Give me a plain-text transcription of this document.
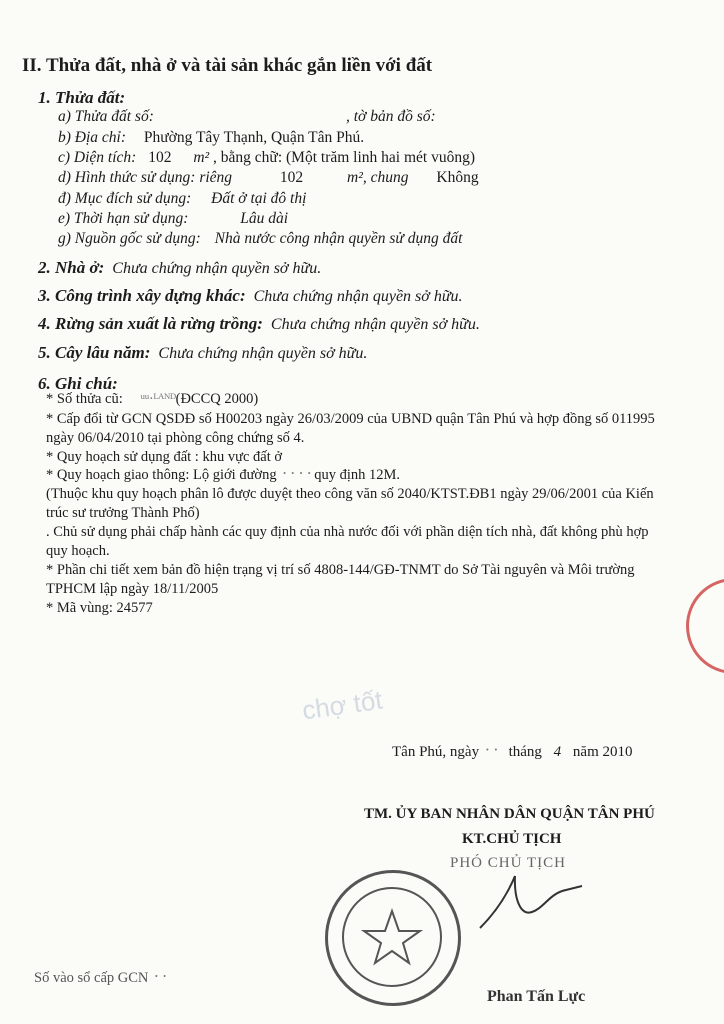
II. Thửa đất, nhà ở và tài sản khác gắn liền với đất
1. Thửa đất:
a) Thửa đất số:	, tờ bản đồ số:
b) Địa chỉ: Phường Tây Thạnh, Quận Tân Phú.
c) Diện tích: 102 m² , bằng chữ: (Một trăm linh hai mét vuông)
d) Hình thức sử dụng: riêng	102	m², chung Không
đ) Mục đích sử dụng: Đất ở tại đô thị
e) Thời hạn sử dụng:	Lâu dài
g) Nguồn gốc sử dụng: Nhà nước công nhận quyền sử dụng đất
2. Nhà ở: Chưa chứng nhận quyền sở hữu.
3. Công trình xây dựng khác: Chưa chứng nhận quyền sở hữu.
4. Rừng sản xuất là rừng trồng: Chưa chứng nhận quyền sở hữu.
5. Cây lâu năm: Chưa chứng nhận quyền sở hữu.
6. Ghi chú:
* Số thửa cũ: ᵘᵘ·ᴸᴬᴺᴰ(ĐCCQ 2000)
* Cấp đổi từ GCN QSDĐ số H00203 ngày 26/03/2009 của UBND quận Tân Phú và hợp đồng số 011995
ngày 06/04/2010 tại phòng công chứng số 4.
* Quy hoạch sử dụng đất : khu vực đất ở
* Quy hoạch giao thông: Lộ giới đường ᛫᛫᛫᛫quy định 12M.
(Thuộc khu quy hoạch phân lô được duyệt theo công văn số 2040/KTST.ĐB1 ngày 29/06/2001 của Kiến
trúc sư trưởng Thành Phố)
. Chủ sử dụng phải chấp hành các quy định của nhà nước đối với phần diện tích nhà, đất không phù hợp
quy hoạch.
* Phần chi tiết xem bản đồ hiện trạng vị trí số 4808-144/GĐ-TNMT do Sở Tài nguyên và Môi trường
TPHCM lập ngày 18/11/2005
* Mã vùng: 24577
chợ tốt
Tân Phú, ngày ᛫᛫ tháng 4 năm 2010
TM. ỦY BAN NHÂN DÂN QUẬN TÂN PHÚ
KT.CHỦ TỊCH
PHÓ CHỦ TỊCH
Phan Tấn Lực
Số vào sổ cấp GCN ᛫᛫
